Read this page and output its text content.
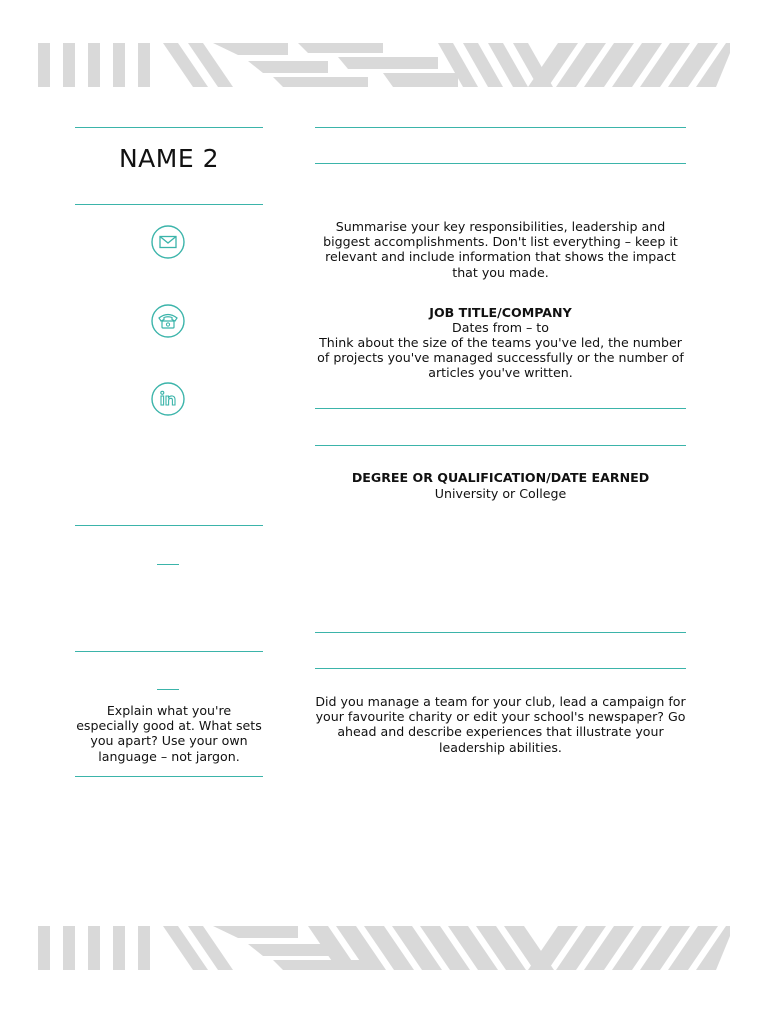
NAME 2
Explain what you're especially good at. What sets you apart? Use your own language – not jargon.
Summarise your key responsibilities, leadership and biggest accomplishments. Don't list everything – keep it relevant and include information that shows the impact that you made.
JOB TITLE/COMPANY
Dates from – to
Think about the size of the teams you've led, the number of projects you've managed successfully or the number of articles you've written.
DEGREE OR QUALIFICATION/DATE EARNED
University or College
Did you manage a team for your club, lead a campaign for your favourite charity or edit your school's newspaper? Go ahead and describe experiences that illustrate your leadership abilities.
